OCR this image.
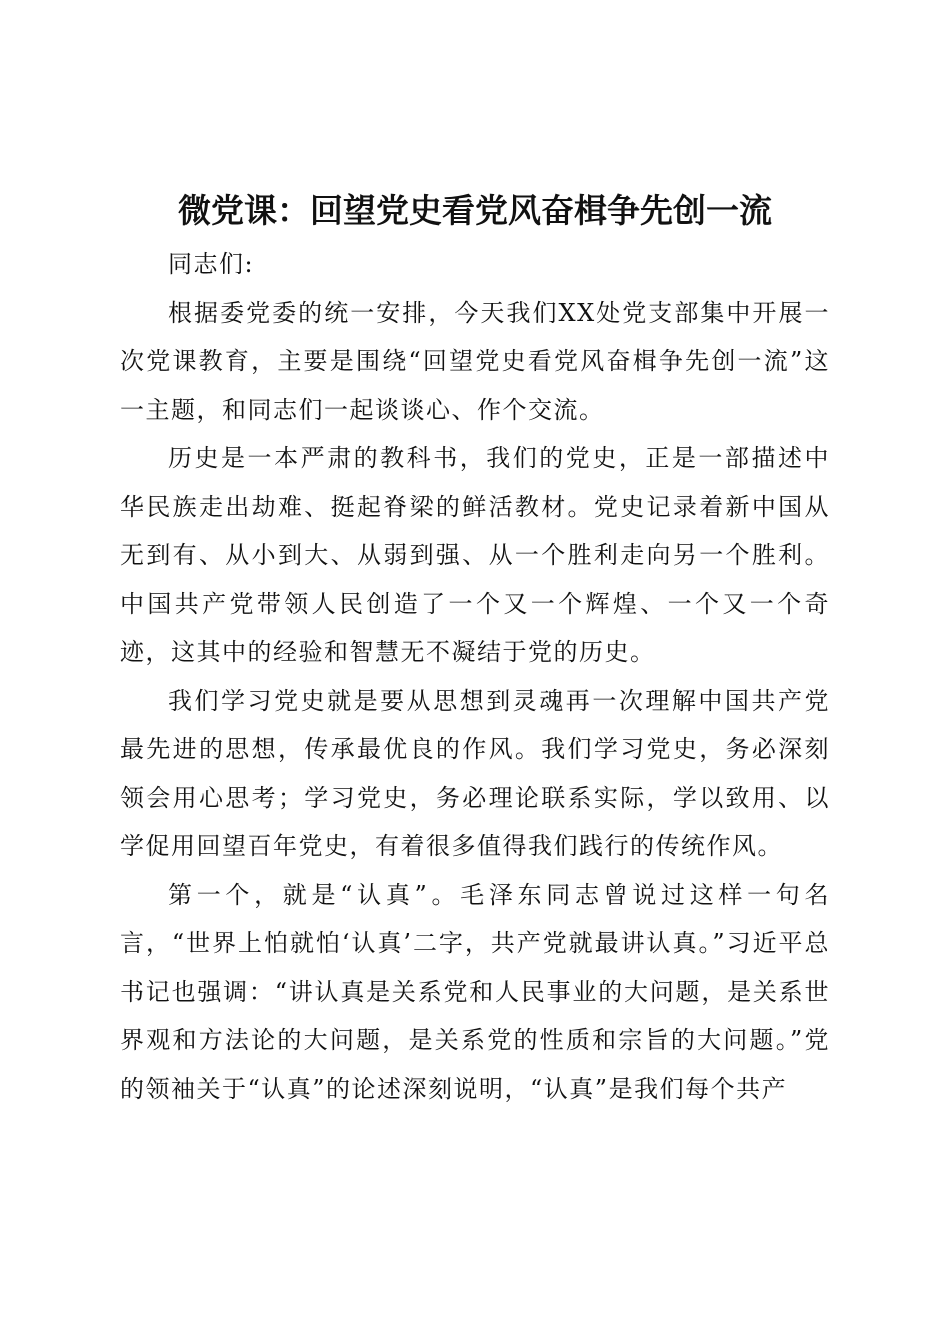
微党课：回望党史看党风奋楫争先创一流

同志们:

根据委党委的统一安排，今天我们XX处党支部集中开展一次党课教育，主要是围绕“回望党史看党风奋楫争先创一流”这一主题，和同志们一起谈谈心、作个交流。

历史是一本严肃的教科书，我们的党史，正是一部描述中华民族走出劫难、挺起脊梁的鲜活教材。党史记录着新中国从无到有、从小到大、从弱到强、从一个胜利走向另一个胜利。中国共产党带领人民创造了一个又一个辉煌、一个又一个奇迹，这其中的经验和智慧无不凝结于党的历史。

我们学习党史就是要从思想到灵魂再一次理解中国共产党最先进的思想，传承最优良的作风。我们学习党史，务必深刻领会用心思考；学习党史，务必理论联系实际，学以致用、以学促用回望百年党史，有着很多值得我们践行的传统作风。

第一个，就是“认真”。毛泽东同志曾说过这样一句名言，“世界上怕就怕‘认真’二字，共产党就最讲认真。”习近平总书记也强调：“讲认真是关系党和人民事业的大问题，是关系世界观和方法论的大问题，是关系党的性质和宗旨的大问题。”党的领袖关于“认真”的论述深刻说明，“认真”是我们每个共产
